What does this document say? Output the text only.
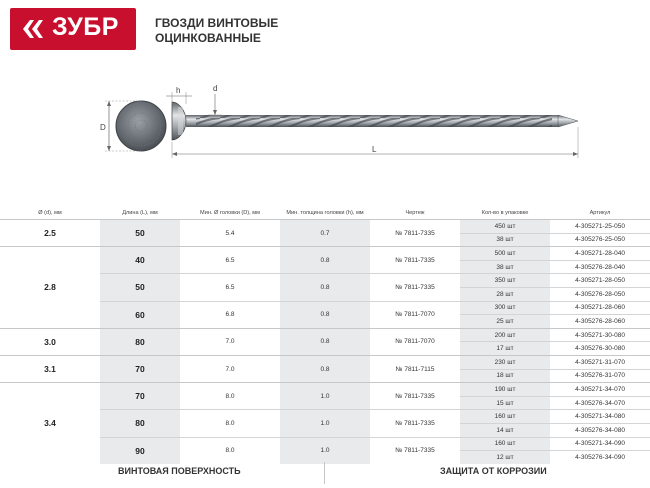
ЗУБР	ГВОЗДИ ВИНТОВЫЕ
ОЦИНКОВАННЫЕ
D
h	d
L
Ø (d), мм	Длина (L), мм	Мин. Ø головки (D), мм	Мин. толщина головки (h), мм	Чертеж	Кол-во в упаковке	Артикул
2.5	50	5.4	0.7	№ 7811-7335	450 шт	4-305271-25-050
					38 шт	4-305276-25-050
2.8	40	6.5	0.8	№ 7811-7335	500 шт	4-305271-28-040
					38 шт	4-305276-28-040
	50	6.5	0.8	№ 7811-7335	350 шт	4-305271-28-050
					28 шт	4-305276-28-050
	60	6.8	0.8	№ 7811-7070	300 шт	4-305271-28-060
					25 шт	4-305276-28-060
3.0	80	7.0	0.8	№ 7811-7070	200 шт	4-305271-30-080
					17 шт	4-305276-30-080
3.1	70	7.0	0.8	№ 7811-7115	230 шт	4-305271-31-070
					18 шт	4-305276-31-070
3.4	70	8.0	1.0	№ 7811-7335	190 шт	4-305271-34-070
					15 шт	4-305276-34-070
	80	8.0	1.0	№ 7811-7335	160 шт	4-305271-34-080
					14 шт	4-305276-34-080
	90	8.0	1.0	№ 7811-7335	160 шт	4-305271-34-090
					12 шт	4-305276-34-090
ВИНТОВАЯ ПОВЕРХНОСТЬ	ЗАЩИТА ОТ КОРРОЗИИ
